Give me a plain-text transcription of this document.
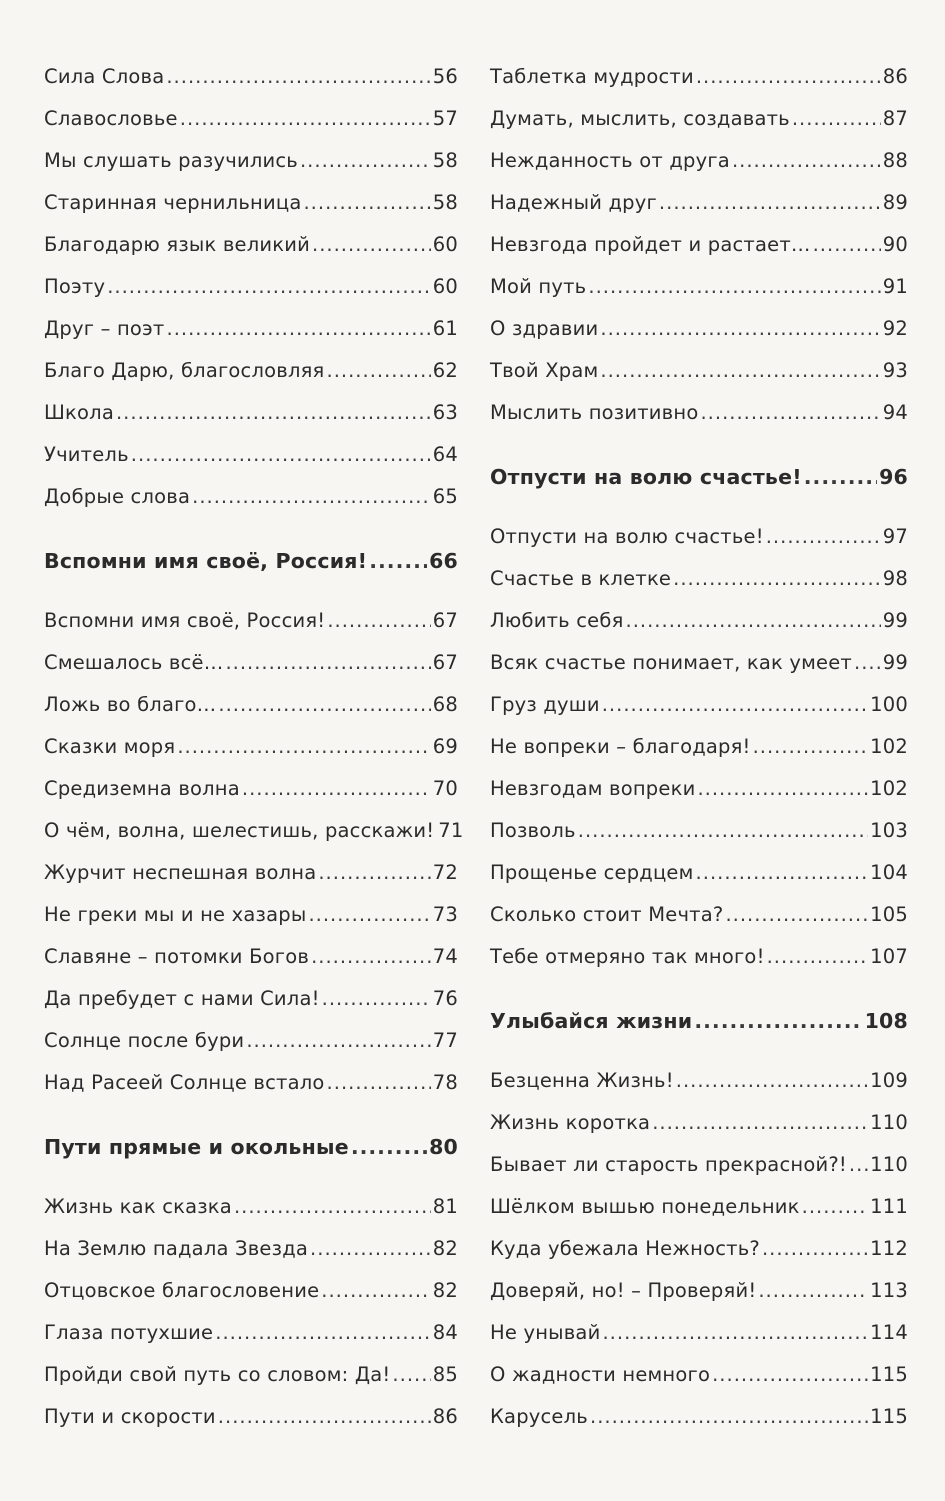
Сила Слова .....	56
Славословье .....	57
Мы слушать разучились .....	58
Старинная чернильница .....	58
Благодарю язык великий .....	60
Поэту .....	60
Друг – поэт .....	61
Благо Дарю, благословляя .....	62
Школа .....	63
Учитель .....	64
Добрые слова .....	65
Вспомни имя своё, Россия! .....	66
Вспомни имя своё, Россия! .....	67
Смешалось всё… .....	67
Ложь во благо… .....	68
Сказки моря .....	69
Средиземна волна .....	70
О чём, волна, шелестишь, расскажи! 71
Журчит неспешная волна .....	72
Не греки мы и не хазары .....	73
Славяне – потомки Богов .....	74
Да пребудет с нами Сила! .....	76
Солнце после бури .....	77
Над Расеей Солнце встало .....	78
Пути прямые и окольные .....	80
Жизнь как сказка .....	81
На Землю падала Звезда .....	82
Отцовское благословение .....	82
Глаза потухшие .....	84
Пройди свой путь со словом: Да! ..... 85
Пути и скорости .....	86
Таблетка мудрости .....	86
Думать, мыслить, создавать .....	87
Нежданность от друга .....	88
Надежный друг .....	89
Невзгода пройдет и растает… .....	90
Мой путь .....	91
О здравии .....	92
Твой Храм .....	93
Мыслить позитивно .....	94
Отпусти на волю счастье! .....	96
Отпусти на волю счастье! .....	97
Счастье в клетке .....	98
Любить себя .....	99
Всяк счастье понимает, как умеет ..... 99
Груз души .....	100
Не вопреки – благодаря! .....	102
Невзгодам вопреки .....	102
Позволь .....	103
Прощенье сердцем .....	104
Сколько стоит Мечта? .....	105
Тебе отмеряно так много! .....	107
Улыбайся жизни .....	108
Безценна Жизнь! .....	109
Жизнь коротка .....	110
Бывает ли старость прекрасной?! ..... 110
Шёлком вышью понедельник .....	111
Куда убежала Нежность? .....	112
Доверяй, но! – Проверяй! .....	113
Не унывай .....	114
О жадности немного .....	115
Карусель .....	115
